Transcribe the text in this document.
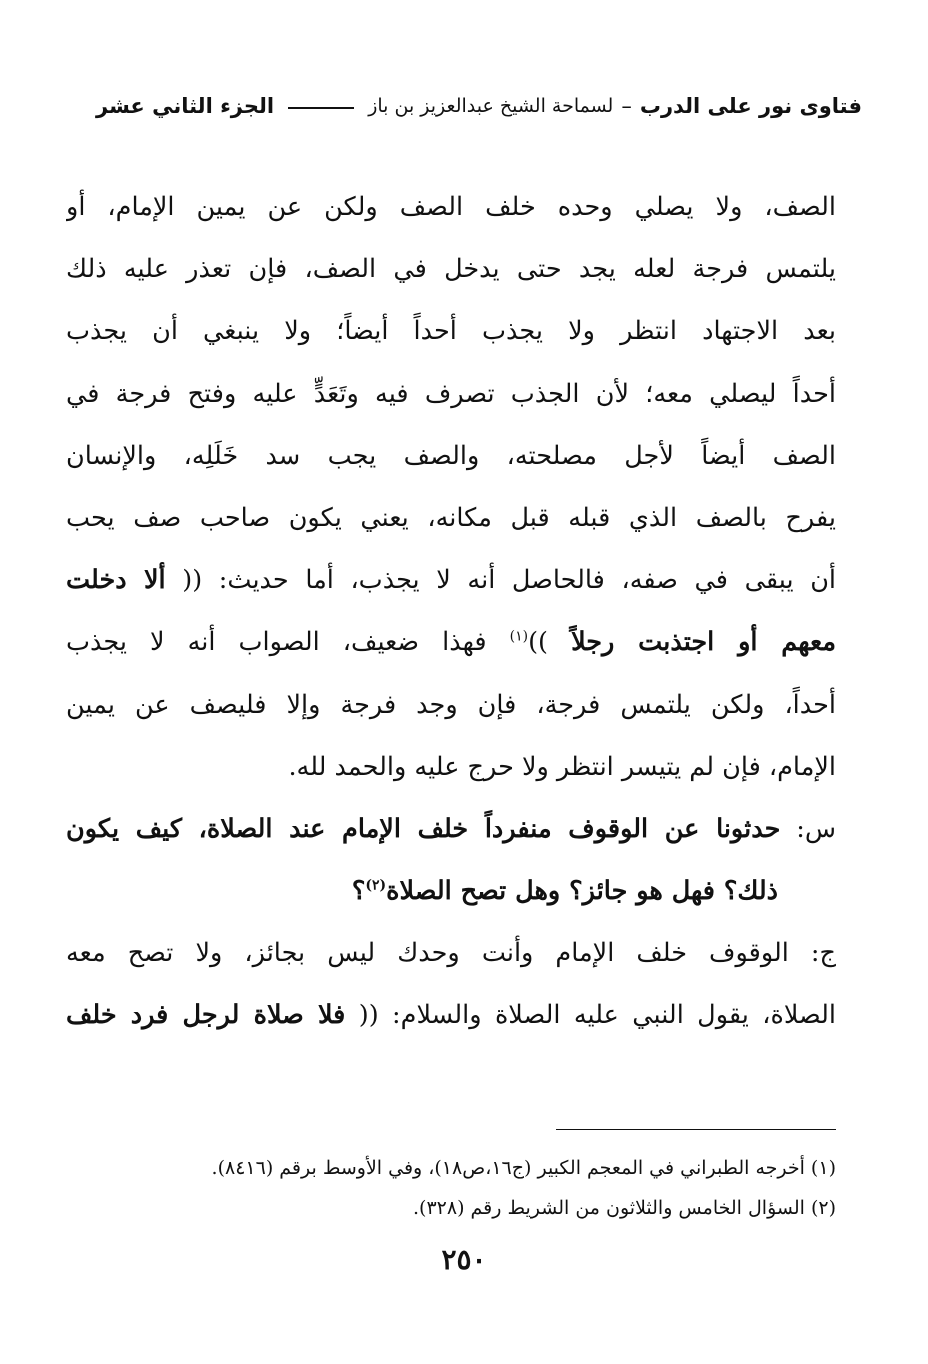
فتاوى نور على الدرب
–
لسماحة الشيخ عبدالعزيز بن باز
الجزء الثاني عشر
الصف، ولا يصلي وحده خلف الصف ولكن عن يمين الإمام، أو
يلتمس فرجة لعله يجد حتى يدخل في الصف، فإن تعذر عليه ذلك
بعد الاجتهاد انتظر ولا يجذب أحداً أيضاً؛ ولا ينبغي أن يجذب
أحداً ليصلي معه؛ لأن الجذب تصرف فيه وتَعَدٍّ عليه وفتح فرجة في
الصف أيضاً لأجل مصلحته، والصف يجب سد خَلَلِه، والإنسان
يفرح بالصف الذي قبله قبل مكانه، يعني يكون صاحب صف يحب
أن يبقى في صفه، فالحاصل أنه لا يجذب، أما حديث: (( ألا دخلت
معهم أو اجتذبت رجلاً ))$^{(١)}$ فهذا ضعيف، الصواب أنه لا يجذب
أحداً، ولكن يلتمس فرجة، فإن وجد فرجة وإلا فليصف عن يمين
الإمام، فإن لم يتيسر انتظر ولا حرج عليه والحمد لله.
س: حدثونا عن الوقوف منفرداً خلف الإمام عند الصلاة، كيف يكون
ذلك؟ فهل هو جائز؟ وهل تصح الصلاة$^{(٢)}$؟
ج: الوقوف خلف الإمام وأنت وحدك ليس بجائز، ولا تصح معه
الصلاة، يقول النبي عليه الصلاة والسلام: (( فلا صلاة لرجل فرد خلف
(١) أخرجه الطبراني في المعجم الكبير (ج١٦،ص١٨)، وفي الأوسط برقم (٨٤١٦).
(٢) السؤال الخامس والثلاثون من الشريط رقم (٣٢٨).
٢٥٠
